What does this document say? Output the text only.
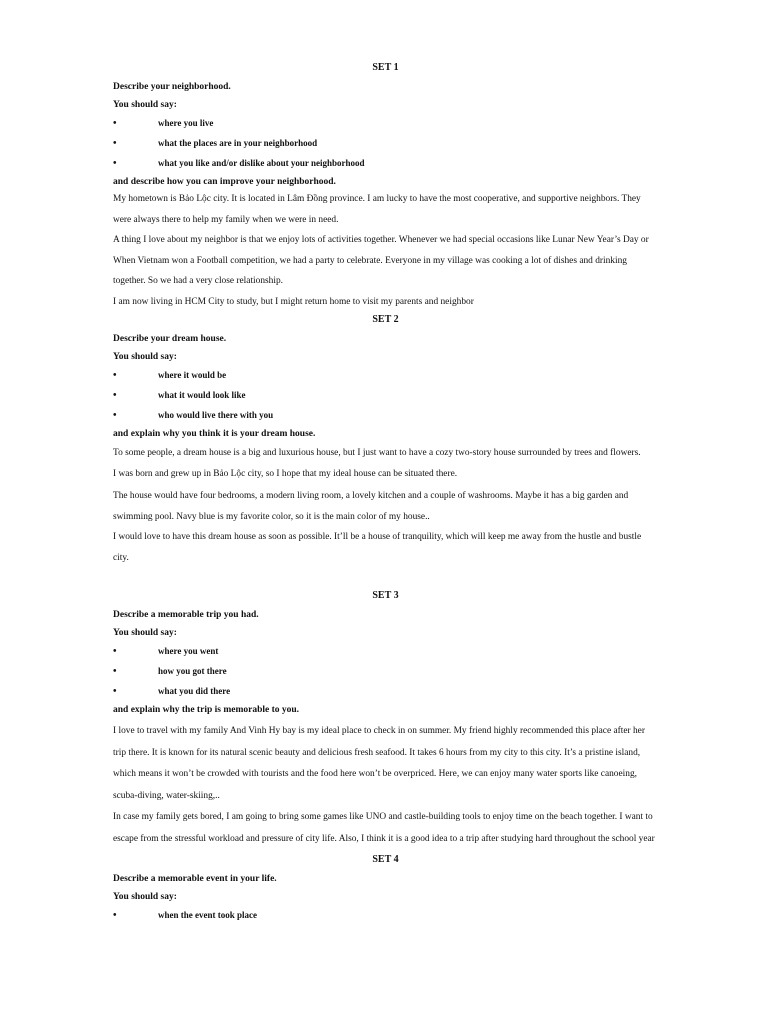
SET 1

Describe your neighborhood.

You should say:

•	where you live

•	what the places are in your neighborhood

•	what you like and/or dislike about your neighborhood

and describe how you can improve your neighborhood.

My hometown is Bảo Lộc city. It is located in Lâm Đồng province. I am lucky to have the most cooperative, and supportive neighbors. They were always there to help my family when we were in need.

A thing I love about my neighbor is that we enjoy lots of activities together. Whenever we had special occasions like Lunar New Year’s Day or When Vietnam won a Football competition, we had a party to celebrate. Everyone in my village was cooking a lot of dishes and drinking together. So we had a very close relationship.

I am now living in HCM City to study, but I might return home to visit my parents and neighbor

SET 2

Describe your dream house.

You should say:

•	where it would be

•	what it would look like

•	who would live there with you

and explain why you think it is your dream house.

To some people, a dream house is a big and luxurious house, but I just want to have a cozy two-story house surrounded by trees and flowers.

I was born and grew up in Bảo Lộc city, so I hope that my ideal house can be situated there.

The house would have four bedrooms, a modern living room, a lovely kitchen and a couple of washrooms. Maybe it has a big garden and swimming pool. Navy blue is my favorite color, so it is the main color of my house..

I would love to have this dream house as soon as possible. It’ll be a house of tranquility, which will keep me away from the hustle and bustle city.

SET 3

Describe a memorable trip you had.

You should say:

•	where you went

•	how you got there

•	what you did there

and explain why the trip is memorable to you.

I love to travel with my family And Vinh Hy bay is my ideal place to check in on summer. My friend highly recommended this place after her trip there. It is known for its natural scenic beauty and delicious fresh seafood. It takes 6 hours from my city to this city. It’s a pristine island, which means it won’t be crowded with tourists and the food here won’t be overpriced. Here, we can enjoy many water sports like canoeing, scuba-diving, water-skiing,..

In case my family gets bored, I am going to bring some games like UNO and castle-building tools to enjoy time on the beach together. I want to escape from the stressful workload and pressure of city life. Also, I think it is a good idea to a trip after studying hard throughout the school year

SET 4

Describe a memorable event in your life.

You should say:

•	when the event took place
